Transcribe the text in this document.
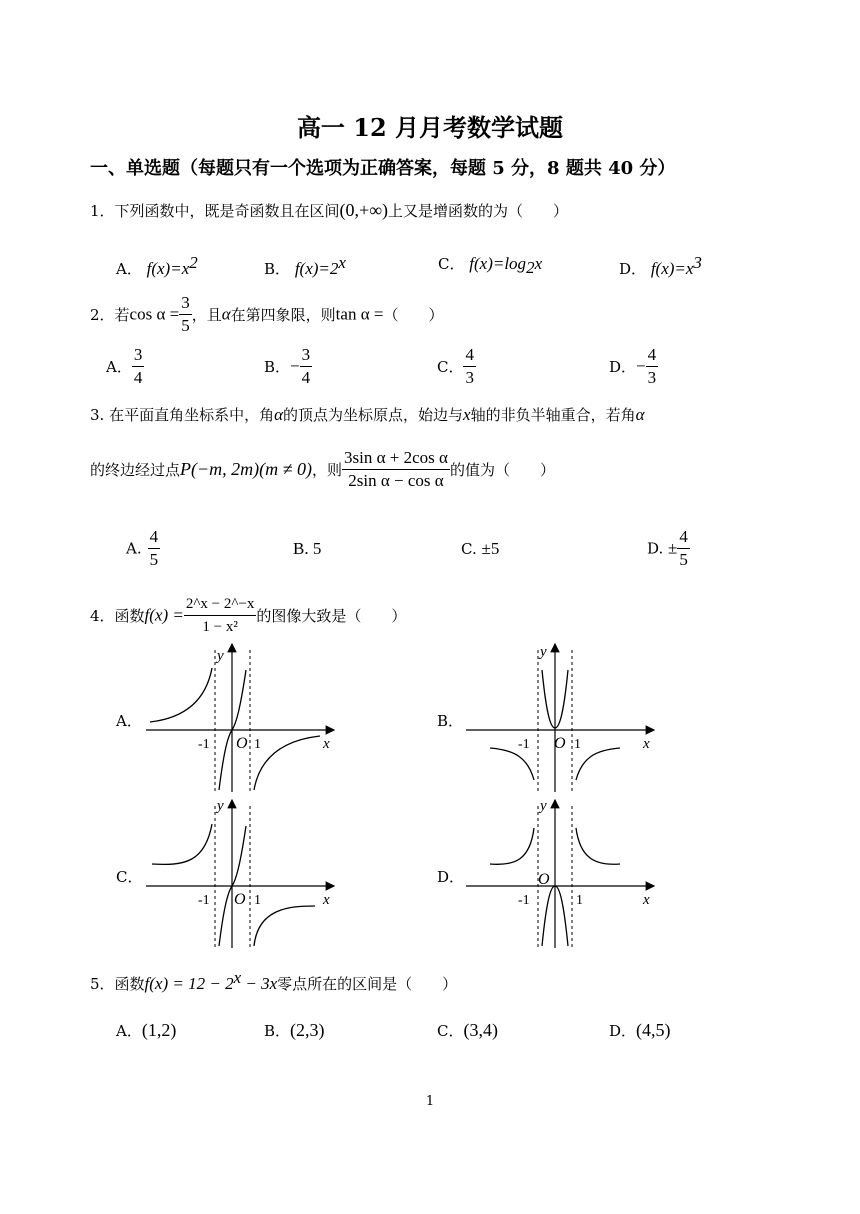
高一 12 月月考数学试题
一、单选题（每题只有一个选项为正确答案，每题 5 分，8 题共 40 分）
1．下列函数中，既是奇函数且在区间(0,+∞)上又是增函数的为（　　）
A． $f(x)=x^2$	B． $f(x)=2^x$	C． $f(x)=\log_2x$	D． $f(x)=x^3$
2．若$\cos \alpha = \frac{3}{5}$ ，且α在第四象限，则tan α =（　　）
A． $\frac{3}{4}$	B．− $\frac{3}{4}$	C． $\frac{4}{3}$	D．− $\frac{4}{3}$
3. 在平面直角坐标系中，角α的顶点为坐标原点，始边与x轴的非负半轴重合，若角α
的终边经过点P(−m, 2m)(m ≠ 0)，则 $\frac{\text{3sin α + 2cos α}}{\text{2sin α − cos α}}$ 的值为（　　）
A. $\frac{4}{5}$	B. 5	C. ±5	D. ± $\frac{4}{5}$
4．函数$f(x) = \frac{2\^{}x - 2\^{}-x}{\text{1 − x²}}$ 的图像大致是（　　）
A．
y
x
O
-1	1
B．
y
x
O
-1	1
C．
y
x
O
-1	1
D．
y
x
O
-1	1
5．函数$f(x) = 12 - 2^x - 3x$零点所在的区间是（　　）
A．(1,2)	B．(2,3)	C．(3,4)	D．(4,5)
1
